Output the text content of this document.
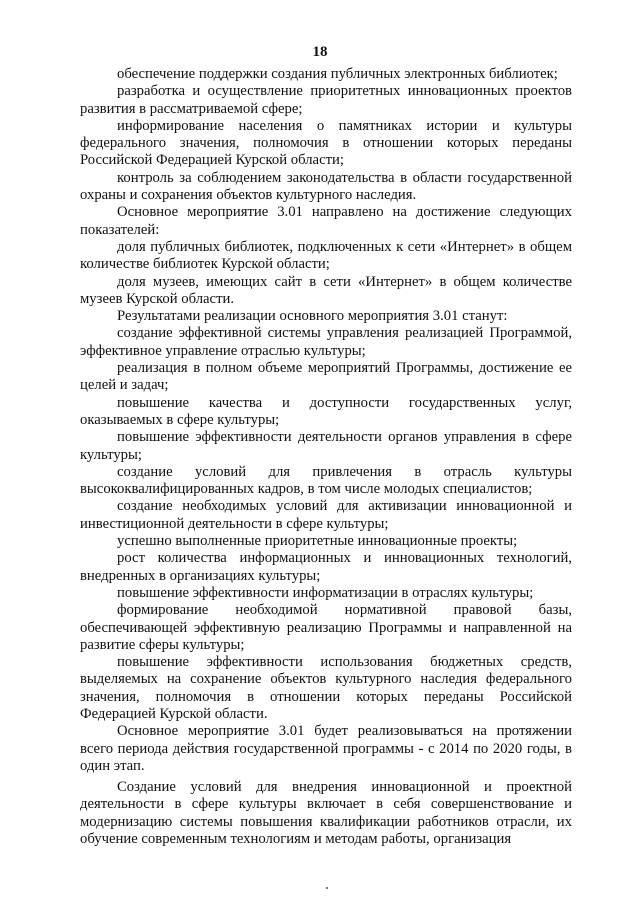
18

обеспечение поддержки создания публичных электронных библиотек;

разработка и осуществление приоритетных инновационных проектов развития в рассматриваемой сфере;

информирование населения о памятниках истории и культуры федерального значения, полномочия в отношении которых переданы Российской Федерацией Курской области;

контроль за соблюдением законодательства в области государственной охраны и сохранения объектов культурного наследия.

Основное мероприятие 3.01 направлено на достижение следующих показателей:

доля публичных библиотек, подключенных к сети «Интернет» в общем количестве библиотек Курской области;

доля музеев, имеющих сайт в сети «Интернет» в общем количестве музеев Курской области.

Результатами реализации основного мероприятия 3.01 станут:

создание эффективной системы управления реализацией Программой, эффективное управление отраслью культуры;

реализация в полном объеме мероприятий Программы, достижение ее целей и задач;

повышение качества и доступности государственных услуг, оказываемых в сфере культуры;

повышение эффективности деятельности органов управления в сфере культуры;

создание условий для привлечения в отрасль культуры высококвалифицированных кадров, в том числе молодых специалистов;

создание необходимых условий для активизации инновационной и инвестиционной деятельности в сфере культуры;

успешно выполненные приоритетные инновационные проекты;

рост количества информационных и инновационных технологий, внедренных в организациях культуры;

повышение эффективности информатизации в отраслях культуры;

формирование необходимой нормативной правовой базы, обеспечивающей эффективную реализацию Программы и направленной на развитие сферы культуры;

повышение эффективности использования бюджетных средств, выделяемых на сохранение объектов культурного наследия федерального значения, полномочия в отношении которых переданы Российской Федерацией Курской области.

Основное мероприятие 3.01 будет реализовываться на протяжении всего периода действия государственной программы - с 2014 по 2020 годы, в один этап.

Создание условий для внедрения инновационной и проектной деятельности в сфере культуры включает в себя совершенствование и модернизацию системы повышения квалификации работников отрасли, их обучение современным технологиям и методам работы, организация
